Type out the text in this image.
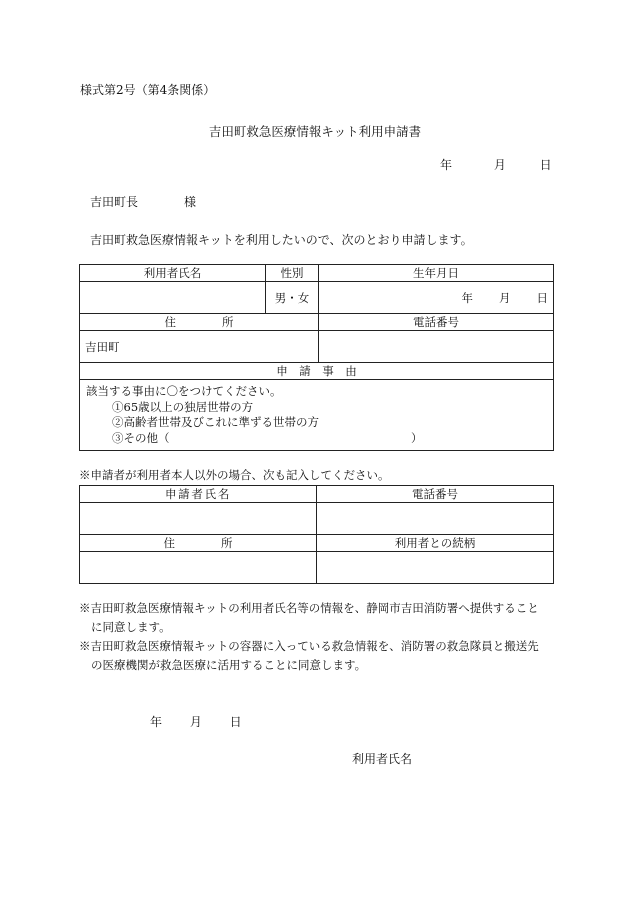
様式第2号（第4条関係）
吉田町救急医療情報キット利用申請書
年	月	日
吉田町長	様
吉田町救急医療情報キットを利用したいので、次のとおり申請します。
利用者氏名	性別	生年月日
	男・女	年 月 日
住　　　　所		電話番号
吉田町		
申　請　事　由		

該当する事由に〇をつけてください。
①65歳以上の独居世帯の方
②高齢者世帯及びこれに準ずる世帯の方
③その他（　　　　　　　　　　　　　　　　　　　　　）		
※申請者が利用者本人以外の場合、次も記入してください。
申請者氏名	電話番号

住　　　　所	利用者との続柄

※吉田町救急医療情報キットの利用者氏名等の情報を、静岡市吉田消防署へ提供すること
に同意します。
※吉田町救急医療情報キットの容器に入っている救急情報を、消防署の救急隊員と搬送先
の医療機関が救急医療に活用することに同意します。
年 月 日
利用者氏名
